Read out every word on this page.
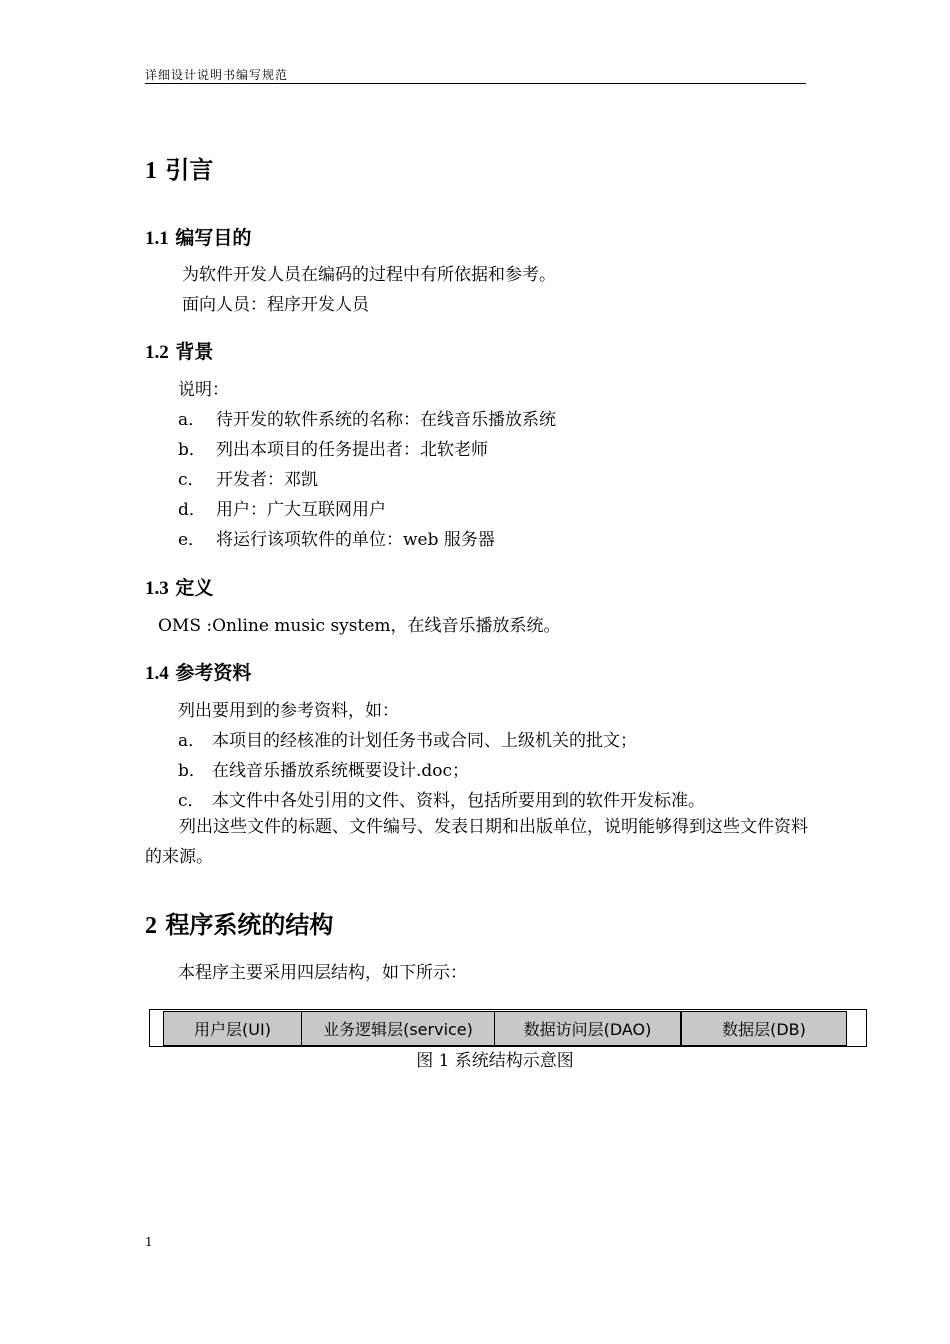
详细设计说明书编写规范
1 引言
1.1 编写目的
为软件开发人员在编码的过程中有所依据和参考。
面向人员：程序开发人员
1.2 背景
说明：
a． 待开发的软件系统的名称：在线音乐播放系统
b． 列出本项目的任务提出者：北软老师
c． 开发者：邓凯
d． 用户：广大互联网用户
e． 将运行该项软件的单位：web 服务器
1.3 定义
OMS :Online music system，在线音乐播放系统。
1.4 参考资料
列出要用到的参考资料，如：
a． 本项目的经核准的计划任务书或合同、上级机关的批文；
b． 在线音乐播放系统概要设计.doc；
c． 本文件中各处引用的文件、资料，包括所要用到的软件开发标准。
列出这些文件的标题、文件编号、发表日期和出版单位，说明能够得到这些文件资料的来源。
2 程序系统的结构
本程序主要采用四层结构，如下所示：
用户层(UI)	业务逻辑层(service)	数据访问层(DAO)	数据层(DB)
图 1 系统结构示意图
1
